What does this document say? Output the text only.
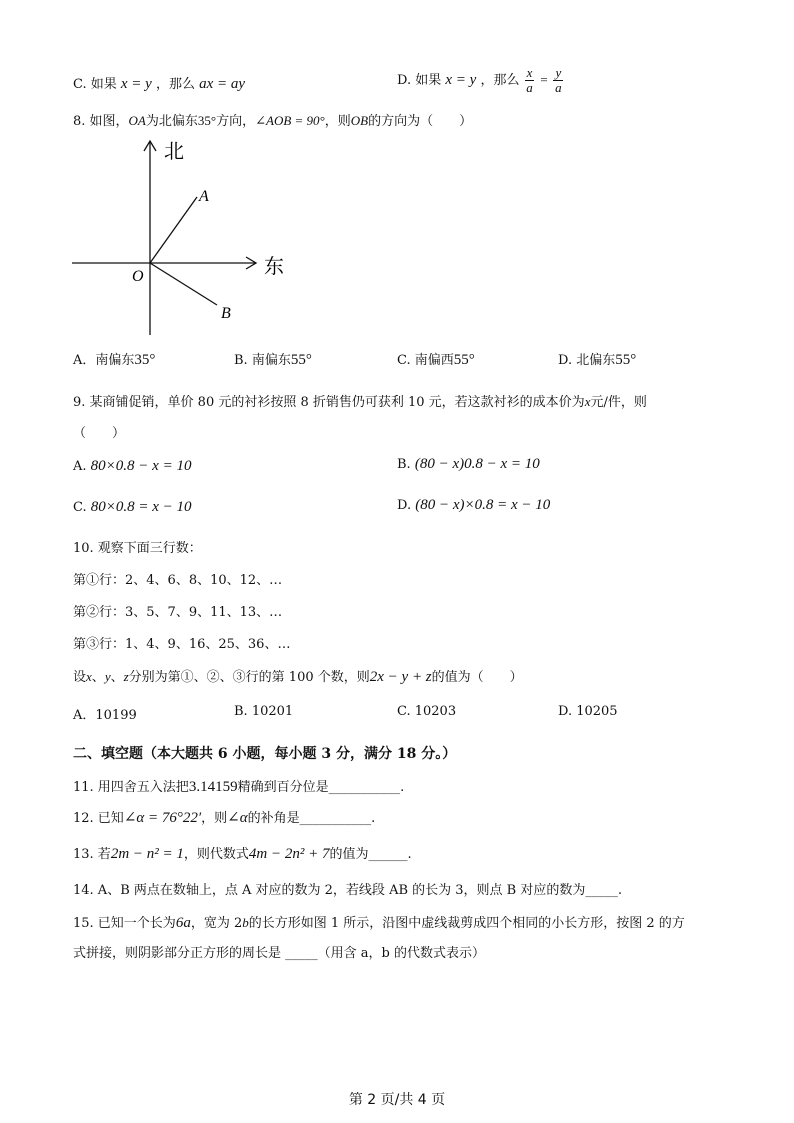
C. 如果 x = y ，那么 ax = ay	D. 如果 x = y ，那么 $\frac{x}{a} = \frac{y}{a}$
8. 如图，OA为北偏东35°方向，∠AOB = 90°，则OB的方向为（　　）
北
东
O
A
B
A．南偏东35°	B. 南偏东55°	C. 南偏西55°	D. 北偏东55°
9. 某商铺促销，单价 80 元的衬衫按照 8 折销售仍可获利 10 元，若这款衬衫的成本价为x元/件，则
（　　）
A. 80×0.8 − x = 10	B. (80 − x)0.8 − x = 10
C. 80×0.8 = x − 10	D. (80 − x)×0.8 = x − 10
10. 观察下面三行数：
第①行：2、4、6、8、10、12、…
第②行：3、5、7、9、11、13、…
第③行：1、4、9、16、25、36、…
设x、y、z分别为第①、②、③行的第 100 个数，则2x − y + z的值为（　　）
A．10199	B. 10201	C. 10203	D. 10205
二、填空题（本大题共 6 小题，每小题 3 分，满分 18 分。）
11. 用四舍五入法把3.14159精确到百分位是___________.
12. 已知∠α = 76°22′，则∠α的补角是___________.
13. 若2m − n² = 1，则代数式4m − 2n² + 7的值为______.
14. A、B 两点在数轴上，点 A 对应的数为 2，若线段 AB 的长为 3，则点 B 对应的数为_____.
15. 已知一个长为6a，宽为 2b的长方形如图 1 所示，沿图中虚线裁剪成四个相同的小长方形，按图 2 的方
式拼接，则阴影部分正方形的周长是 _____（用含 a，b 的代数式表示）
第 2 页/共 4 页
